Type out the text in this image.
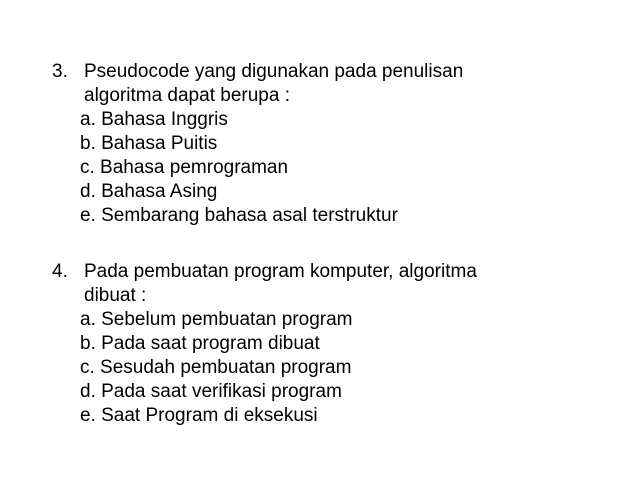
3. Pseudocode yang digunakan pada penulisan
algoritma dapat berupa :
a. Bahasa Inggris
b. Bahasa Puitis
c. Bahasa pemrograman
d. Bahasa Asing
e. Sembarang bahasa asal terstruktur
4. Pada pembuatan program komputer, algoritma
dibuat :
a. Sebelum pembuatan program
b. Pada saat program dibuat
c. Sesudah pembuatan program
d. Pada saat verifikasi program
e. Saat Program di eksekusi
